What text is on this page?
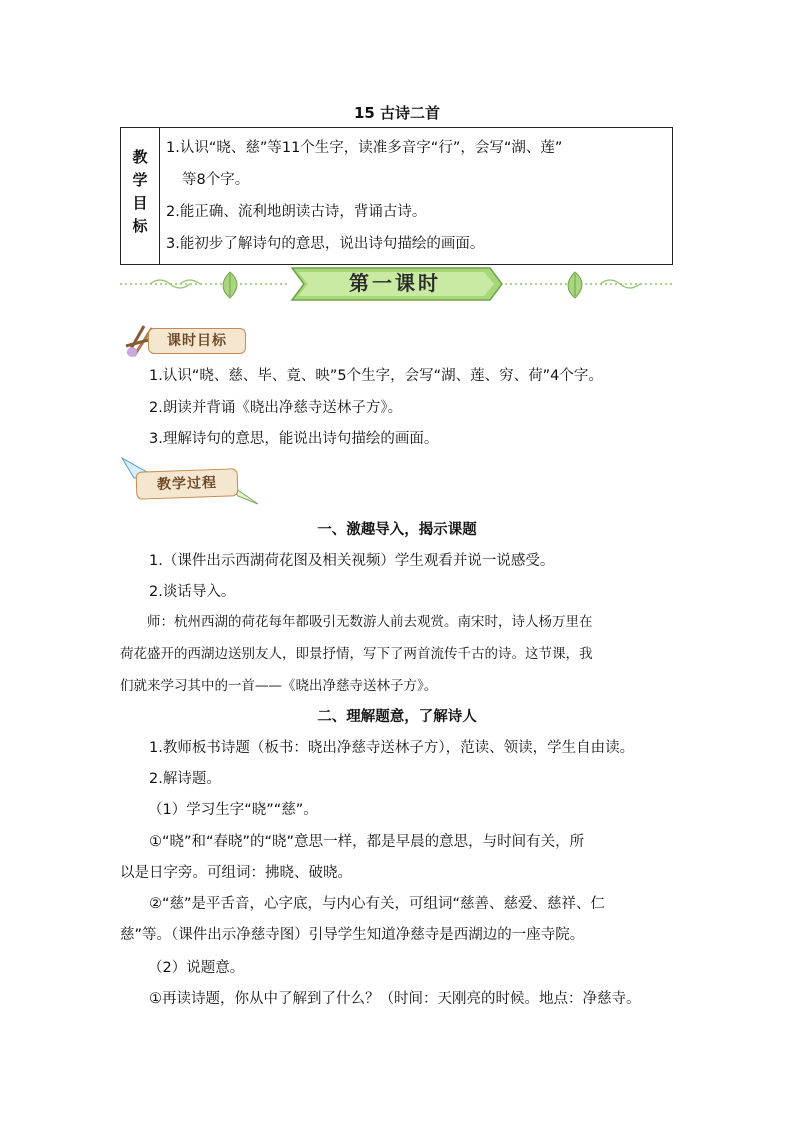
15 古诗二首
教
学
目
标

1.认识“晓、慈”等11个生字，读准多音字“行”，会写“湖、莲”
等8个字。
2.能正确、流利地朗读古诗，背诵古诗。
3.能初步了解诗句的意思，说出诗句描绘的画面。
第一课时
课时目标
1.认识“晓、慈、毕、竟、映”5个生字，会写“湖、莲、穷、荷”4个字。
2.朗读并背诵《晓出净慈寺送林子方》。
3.理解诗句的意思，能说出诗句描绘的画面。
教学过程
一、激趣导入，揭示课题
1.（课件出示西湖荷花图及相关视频）学生观看并说一说感受。
2.谈话导入。
师：杭州西湖的荷花每年都吸引无数游人前去观赏。南宋时，诗人杨万里在
荷花盛开的西湖边送别友人，即景抒情，写下了两首流传千古的诗。这节课，我
们就来学习其中的一首——《晓出净慈寺送林子方》。
二、理解题意，了解诗人
1.教师板书诗题（板书：晓出净慈寺送林子方），范读、领读，学生自由读。
2.解诗题。
（1）学习生字“晓”“慈”。
①“晓”和“春晓”的“晓”意思一样，都是早晨的意思，与时间有关，所
以是日字旁。可组词：拂晓、破晓。
②“慈”是平舌音，心字底，与内心有关，可组词“慈善、慈爱、慈祥、仁
慈”等。（课件出示净慈寺图）引导学生知道净慈寺是西湖边的一座寺院。
（2）说题意。
①再读诗题，你从中了解到了什么？（时间：天刚亮的时候。地点：净慈寺。
